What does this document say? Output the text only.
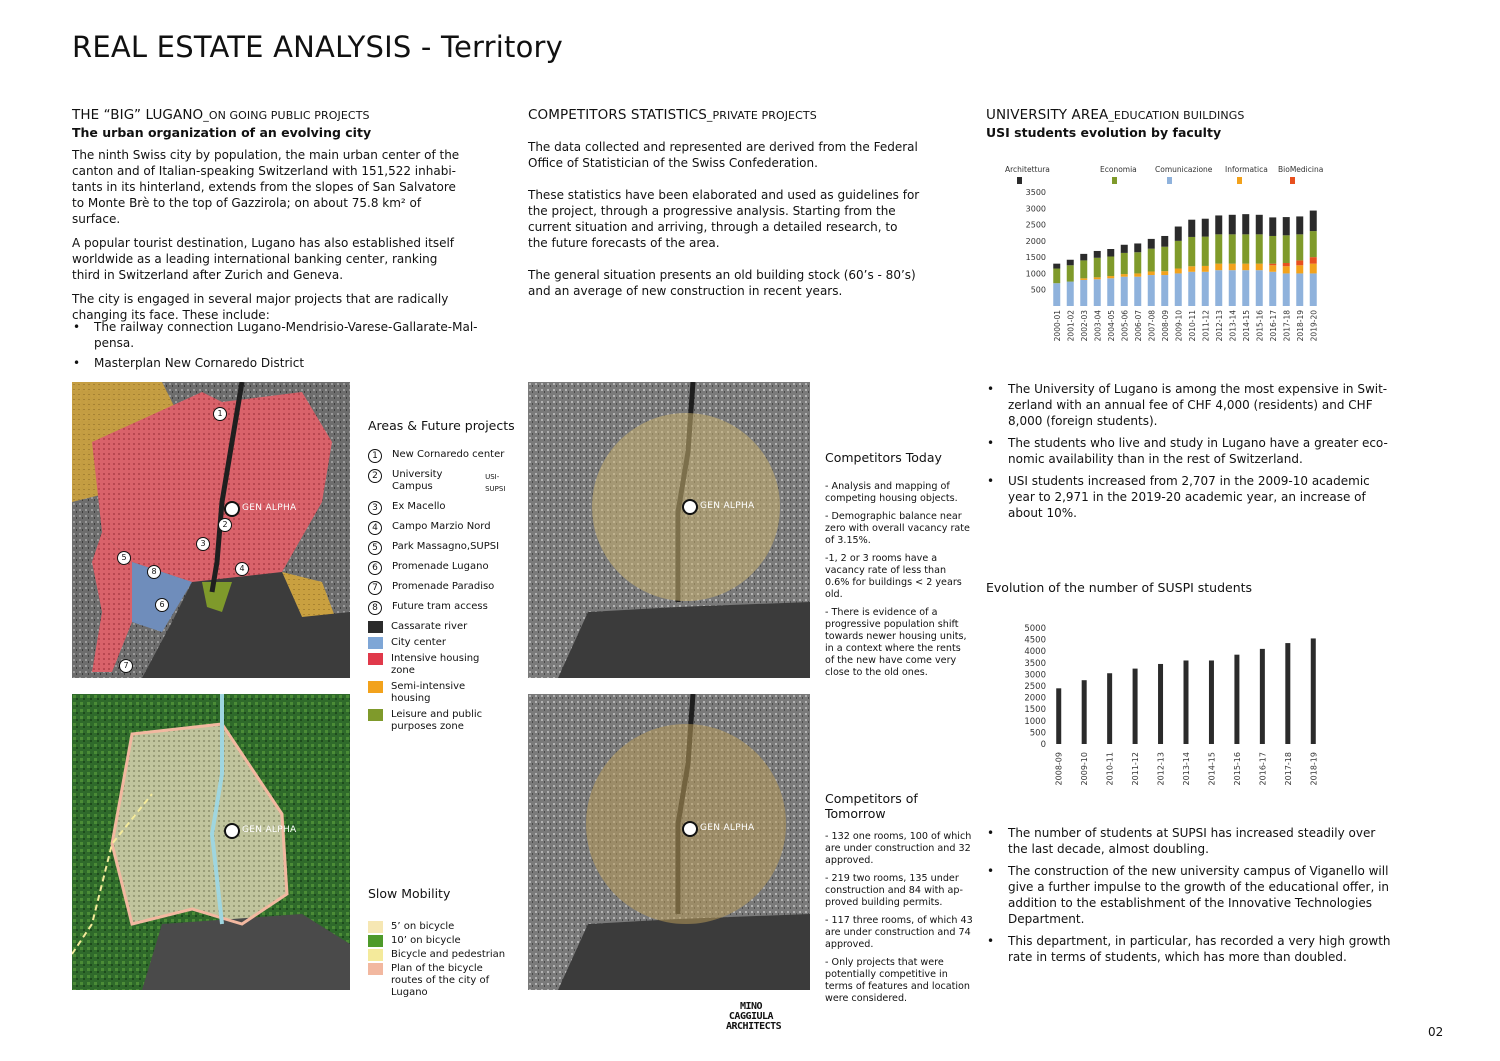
REAL ESTATE ANALYSIS - Territory
THE “BIG” LUGANO_ON GOING PUBLIC PROJECTS
The urban organization of an evolving city

The ninth Swiss city by population, the main urban center of the canton and of Italian-speaking Switzerland with 151,522 inhabi-tants in its hinterland, extends from the slopes of San Salvatore to Monte Brè to the top of Gazzirola; on about 75.8 km² of surface.

A popular tourist destination, Lugano has also established itself worldwide as a leading international banking center, ranking third in Switzerland after Zurich and Geneva.

The city is engaged in several major projects that are radically changing its face. These include:

• The railway connection Lugano-Mendrisio-Varese-Gallarate-Mal-pensa.
• Masterplan New Cornaredo District
COMPETITORS STATISTICS_PRIVATE PROJECTS

The data collected and represented are derived from the Federal Office of Statistician of the Swiss Confederation.

These statistics have been elaborated and used as guidelines for the project, through a progressive analysis. Starting from the current situation and arriving, through a detailed research, to the future forecasts of the area.

The general situation presents an old building stock (60’s - 80’s) and an average of new construction in recent years.

UNIVERSITY AREA_EDUCATION BUILDINGS
USI students evolution by faculty
Architettura	Economia Comunicazione Informatica BioMedicina
500
1000
1500
2000
2500
3000
3500
2000-01 2001-02 2002-03 2003-04 2004-05 2005-06 2006-07 2007-08 2008-09 2009-10 2010-11 2011-12 2012-13 2013-14 2014-15 2015-16 2016-17 2017-18 2018-19 2019-20
• The University of Lugano is among the most expensive in Swit-zerland with an annual fee of CHF 4,000 (residents) and CHF 8,000 (foreign students).
• The students who live and study in Lugano have a greater eco-nomic availability than in the rest of Switzerland.
• USI students increased from 2,707 in the 2009-10 academic year to 2,971 in the 2019-20 academic year, an increase of about 10%.
Evolution of the number of SUSPI students
0
500
1000
1500
2000
2500
3000
3500
4000
4500
5000
2008-09 2009-10 2010-11 2011-12 2012-13 2013-14 2014-15 2015-16 2016-17 2017-18 2018-19
• The number of students at SUPSI has increased steadily over the last decade, almost doubling.
• The construction of the new university campus of Viganello will give a further impulse to the growth of the educational offer, in addition to the establishment of the Innovative Technologies Department.
• This department, in particular, has recorded a very high growth rate in terms of students, which has more than doubled.
GEN ALPHA
1
2
3
4
5
6
7
8
Areas & Future projects
1	New Cornaredo center
2	University Campus
USI-SUPSI
3	Ex Macello
4	Campo Marzio Nord
5	Park Massagno,SUPSI
6	Promenade Lugano
7	Promenade Paradiso
8	Future tram access
Cassarate river
City center
Intensive housing zone
Semi-intensive housing
Leisure and public purposes zone
GEN ALPHA
Slow Mobility
5’ on bicycle
10’ on bicycle
Bicycle and pedestrian
Plan of the bicycle routes of the city of Lugano
GEN ALPHA
Competitors Today

- Analysis and mapping of competing housing objects.

- Demographic balance near zero with overall vacancy rate of 3.15%.

-1, 2 or 3 rooms have a vacancy rate of less than 0.6% for buildings < 2 years old.

- There is evidence of a progressive population shift towards newer housing units, in a context where the rents of the new have come very close to the old ones.

GEN ALPHA
Competitors of Tomorrow

- 132 one rooms, 100 of which are under construction and 32 approved.

- 219 two rooms, 135 under construction and 84 with ap-proved building permits.

- 117 three rooms, of which 43 are under construction and 74 approved.

- Only projects that were potentially competitive in terms of features and location were considered.

MINO CAGGIULA ARCHITECTS	02
